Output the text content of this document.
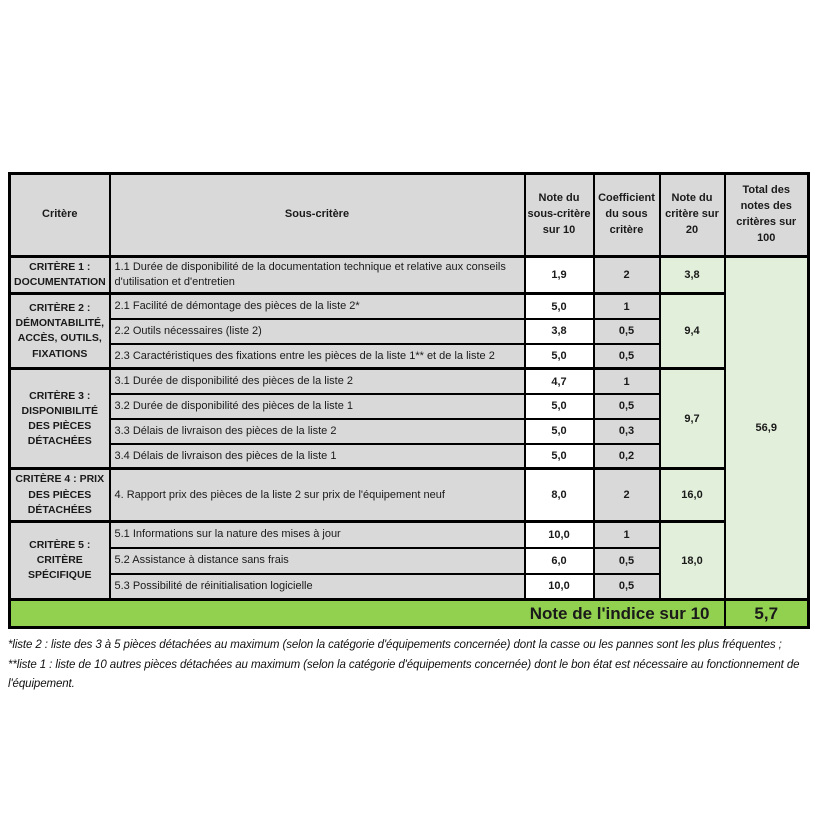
Critère	Sous-critère	Note du sous-critère sur 10	Coefficient du sous critère	Note du critère sur 20	Total des notes des critères sur 100
CRITÈRE 1 : DOCUMENTATION	1.1 Durée de disponibilité de la documentation technique et relative aux conseils d'utilisation et d'entretien	1,9	2	3,8	56,9
CRITÈRE 2 : DÉMONTABILITÉ, ACCÈS, OUTILS, FIXATIONS	2.1 Facilité de démontage des pièces de la liste 2*	5,0	1	9,4	
	2.2 Outils nécessaires (liste 2)	3,8	0,5		
	2.3 Caractéristiques des fixations entre les pièces de la liste 1** et de la liste 2	5,0	0,5		
CRITÈRE 3 : DISPONIBILITÉ DES PIÈCES DÉTACHÉES	3.1 Durée de disponibilité des pièces de la liste 2	4,7	1	9,7	
	3.2 Durée de disponibilité des pièces de la liste 1	5,0	0,5		
	3.3 Délais de livraison des pièces de la liste 2	5,0	0,3		
	3.4 Délais de livraison des pièces de la liste 1	5,0	0,2		
CRITÈRE 4 : PRIX DES PIÈCES DÉTACHÉES	4. Rapport prix des pièces de la liste 2 sur prix de l'équipement neuf	8,0	2	16,0	
CRITÈRE 5 : CRITÈRE SPÉCIFIQUE	5.1 Informations sur la nature des mises à jour	10,0	1	18,0	
	5.2 Assistance à distance sans frais	6,0	0,5		
	5.3 Possibilité de réinitialisation logicielle	10,0	0,5		
Note de l'indice sur 10					5,7
*liste 2 : liste des 3 à 5 pièces détachées au maximum (selon la catégorie d'équipements concernée) dont la casse ou les pannes sont les plus fréquentes ;
**liste 1 : liste de 10 autres pièces détachées au maximum (selon la catégorie d'équipements concernée) dont le bon état est nécessaire au fonctionnement de l'équipement.
